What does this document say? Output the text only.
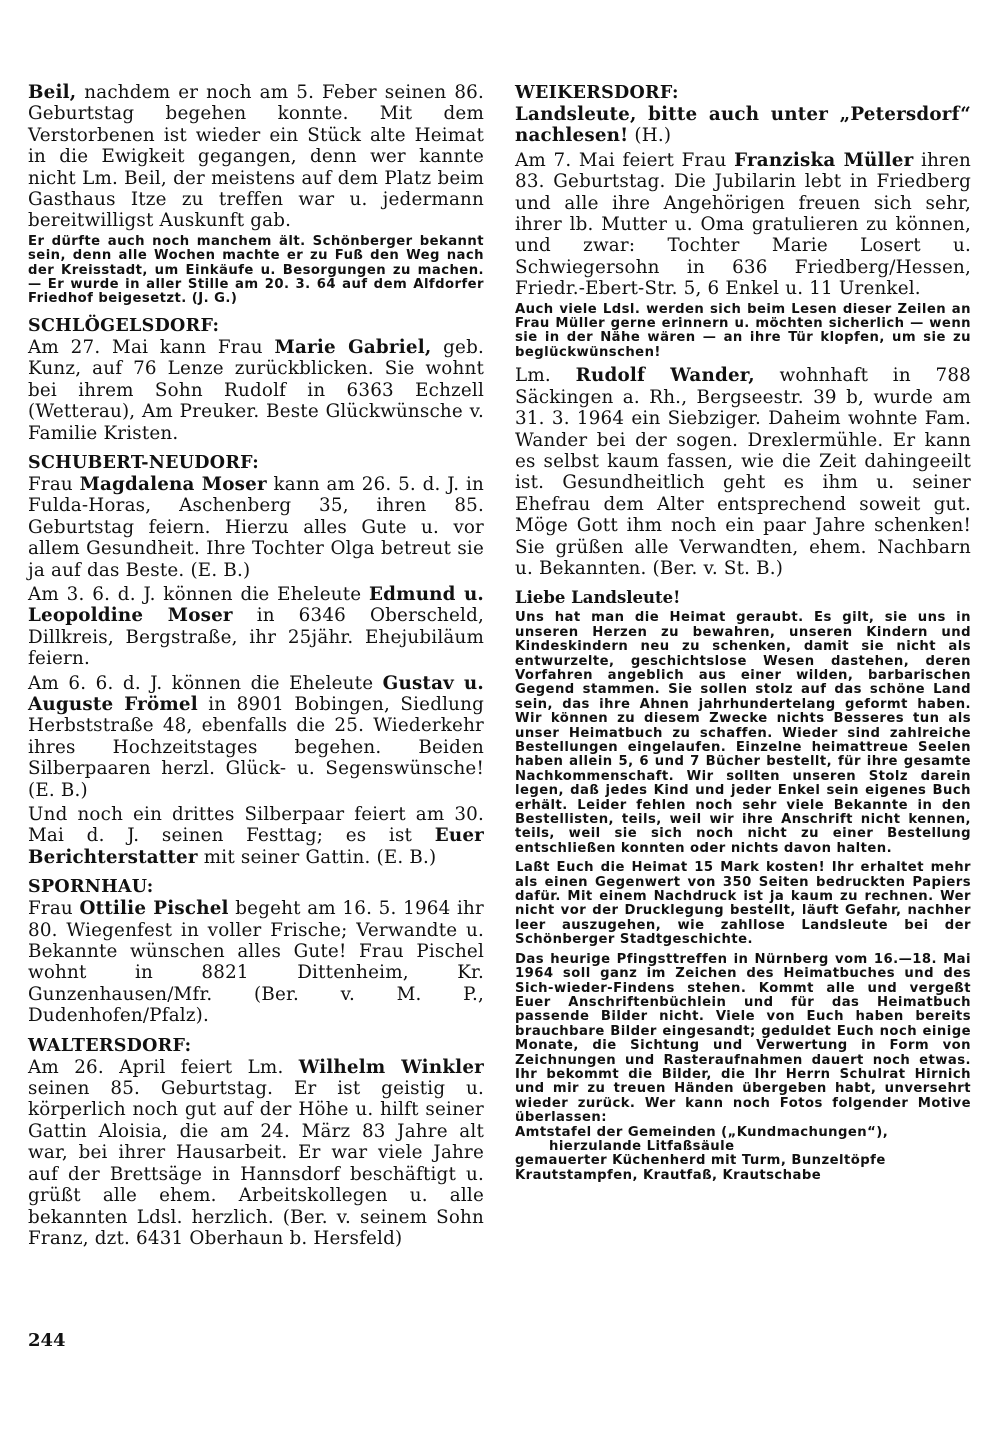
Beil, nachdem er noch am 5. Feber seinen 86. Geburtstag begehen konnte. Mit dem Verstorbenen ist wieder ein Stück alte Heimat in die Ewigkeit gegangen, denn wer kannte nicht Lm. Beil, der meistens auf dem Platz beim Gasthaus Itze zu treffen war u. jedermann bereitwilligst Auskunft gab.

Er dürfte auch noch manchem ält. Schönberger bekannt sein, denn alle Wochen machte er zu Fuß den Weg nach der Kreisstadt, um Einkäufe u. Besorgungen zu machen. — Er wurde in aller Stille am 20. 3. 64 auf dem Alfdorfer Friedhof beigesetzt. (J. G.)

SCHLÖGELSDORF:

Am 27. Mai kann Frau Marie Gabriel, geb. Kunz, auf 76 Lenze zurückblicken. Sie wohnt bei ihrem Sohn Rudolf in 6363 Echzell (Wetterau), Am Preuker. Beste Glückwünsche v. Familie Kristen.

SCHUBERT-NEUDORF:

Frau Magdalena Moser kann am 26. 5. d. J. in Fulda-Horas, Aschenberg 35, ihren 85. Geburtstag feiern. Hierzu alles Gute u. vor allem Gesundheit. Ihre Tochter Olga betreut sie ja auf das Beste. (E. B.)

Am 3. 6. d. J. können die Eheleute Edmund u. Leopoldine Moser in 6346 Oberscheld, Dillkreis, Bergstraße, ihr 25jähr. Ehejubiläum feiern.

Am 6. 6. d. J. können die Eheleute Gustav u. Auguste Frömel in 8901 Bobingen, Siedlung Herbststraße 48, ebenfalls die 25. Wiederkehr ihres Hochzeitstages begehen. Beiden Silberpaaren herzl. Glück- u. Segenswünsche! (E. B.)

Und noch ein drittes Silberpaar feiert am 30. Mai d. J. seinen Festtag; es ist Euer Berichterstatter mit seiner Gattin. (E. B.)

SPORNHAU:

Frau Ottilie Pischel begeht am 16. 5. 1964 ihr 80. Wiegenfest in voller Frische; Verwandte u. Bekannte wünschen alles Gute! Frau Pischel wohnt in 8821 Dittenheim, Kr. Gunzenhausen/Mfr. (Ber. v. M. P., Dudenhofen/Pfalz).

WALTERSDORF:

Am 26. April feiert Lm. Wilhelm Winkler seinen 85. Geburtstag. Er ist geistig u. körperlich noch gut auf der Höhe u. hilft seiner Gattin Aloisia, die am 24. März 83 Jahre alt war, bei ihrer Hausarbeit. Er war viele Jahre auf der Brettsäge in Hannsdorf beschäftigt u. grüßt alle ehem. Arbeitskollegen u. alle bekannten Ldsl. herzlich. (Ber. v. seinem Sohn Franz, dzt. 6431 Oberhaun b. Hersfeld)

244
WEIKERSDORF:

Landsleute, bitte auch unter „Petersdorf“ nachlesen! (H.)

Am 7. Mai feiert Frau Franziska Müller ihren 83. Geburtstag. Die Jubilarin lebt in Friedberg und alle ihre Angehörigen freuen sich sehr, ihrer lb. Mutter u. Oma gratulieren zu können, und zwar: Tochter Marie Losert u. Schwiegersohn in 636 Friedberg/Hessen, Friedr.-Ebert-Str. 5, 6 Enkel u. 11 Urenkel.

Auch viele Ldsl. werden sich beim Lesen dieser Zeilen an Frau Müller gerne erinnern u. möchten sicherlich — wenn sie in der Nähe wären — an ihre Tür klopfen, um sie zu beglückwünschen!

Lm. Rudolf Wander, wohnhaft in 788 Säckingen a. Rh., Bergseestr. 39 b, wurde am 31. 3. 1964 ein Siebziger. Daheim wohnte Fam. Wander bei der sogen. Drexlermühle. Er kann es selbst kaum fassen, wie die Zeit dahingeeilt ist. Gesundheitlich geht es ihm u. seiner Ehefrau dem Alter entsprechend soweit gut. Möge Gott ihm noch ein paar Jahre schenken! Sie grüßen alle Verwandten, ehem. Nachbarn u. Bekannten. (Ber. v. St. B.)

Liebe Landsleute!

Uns hat man die Heimat geraubt. Es gilt, sie uns in unseren Herzen zu bewahren, unseren Kindern und Kindeskindern neu zu schenken, damit sie nicht als entwurzelte, geschichtslose Wesen dastehen, deren Vorfahren angeblich aus einer wilden, barbarischen Gegend stammen. Sie sollen stolz auf das schöne Land sein, das ihre Ahnen jahrhundertelang geformt haben. Wir können zu diesem Zwecke nichts Besseres tun als unser Heimatbuch zu schaffen. Wieder sind zahlreiche Bestellungen eingelaufen. Einzelne heimattreue Seelen haben allein 5, 6 und 7 Bücher bestellt, für ihre gesamte Nachkommenschaft. Wir sollten unseren Stolz darein legen, daß jedes Kind und jeder Enkel sein eigenes Buch erhält. Leider fehlen noch sehr viele Bekannte in den Bestellisten, teils, weil wir ihre Anschrift nicht kennen, teils, weil sie sich noch nicht zu einer Bestellung entschließen konnten oder nichts davon halten.

Laßt Euch die Heimat 15 Mark kosten! Ihr erhaltet mehr als einen Gegenwert von 350 Seiten bedruckten Papiers dafür. Mit einem Nachdruck ist ja kaum zu rechnen. Wer nicht vor der Drucklegung bestellt, läuft Gefahr, nachher leer auszugehen, wie zahllose Landsleute bei der Schönberger Stadtgeschichte.

Das heurige Pfingsttreffen in Nürnberg vom 16.—18. Mai 1964 soll ganz im Zeichen des Heimatbuches und des Sich-wieder-Findens stehen. Kommt alle und vergeßt Euer Anschriftenbüchlein und für das Heimatbuch passende Bilder nicht. Viele von Euch haben bereits brauchbare Bilder eingesandt; geduldet Euch noch einige Monate, die Sichtung und Verwertung in Form von Zeichnungen und Rasteraufnahmen dauert noch etwas. Ihr bekommt die Bilder, die Ihr Herrn Schulrat Hirnich und mir zu treuen Händen übergeben habt, unversehrt wieder zurück. Wer kann noch Fotos folgender Motive überlassen:

Amtstafel der Gemeinden („Kundmachungen“), hierzulande Litfaßsäule

gemauerter Küchenherd mit Turm, Bunzeltöpfe

Krautstampfen, Krautfaß, Krautschabe
